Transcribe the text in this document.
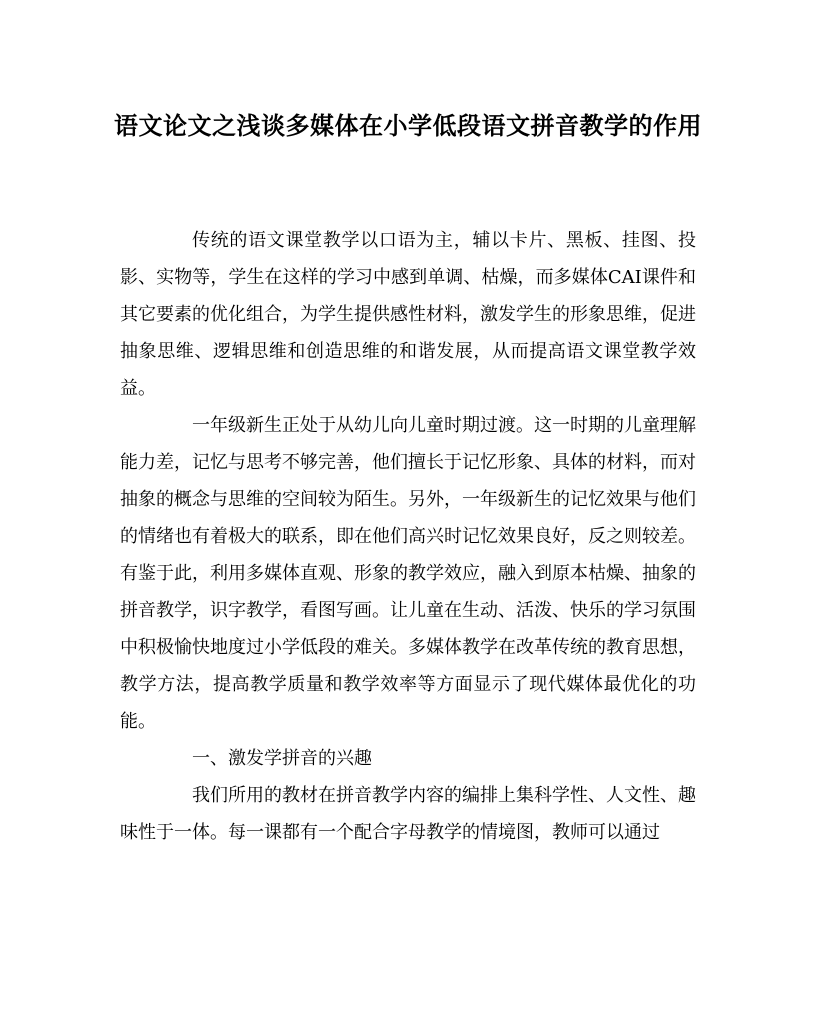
语文论文之浅谈多媒体在小学低段语文拼音教学的作用

传统的语文课堂教学以口语为主，辅以卡片、黑板、挂图、投影、实物等，学生在这样的学习中感到单调、枯燥，而多媒体CAI课件和其它要素的优化组合，为学生提供感性材料，激发学生的形象思维，促进抽象思维、逻辑思维和创造思维的和谐发展，从而提高语文课堂教学效益。

一年级新生正处于从幼儿向儿童时期过渡。这一时期的儿童理解能力差，记忆与思考不够完善，他们擅长于记忆形象、具体的材料，而对抽象的概念与思维的空间较为陌生。另外，一年级新生的记忆效果与他们的情绪也有着极大的联系，即在他们高兴时记忆效果良好，反之则较差。有鉴于此，利用多媒体直观、形象的教学效应，融入到原本枯燥、抽象的拼音教学，识字教学，看图写画。让儿童在生动、活泼、快乐的学习氛围中积极愉快地度过小学低段的难关。多媒体教学在改革传统的教育思想，教学方法，提高教学质量和教学效率等方面显示了现代媒体最优化的功能。

一、激发学拼音的兴趣

我们所用的教材在拼音教学内容的编排上集科学性、人文性、趣味性于一体。每一课都有一个配合字母教学的情境图，教师可以通过
